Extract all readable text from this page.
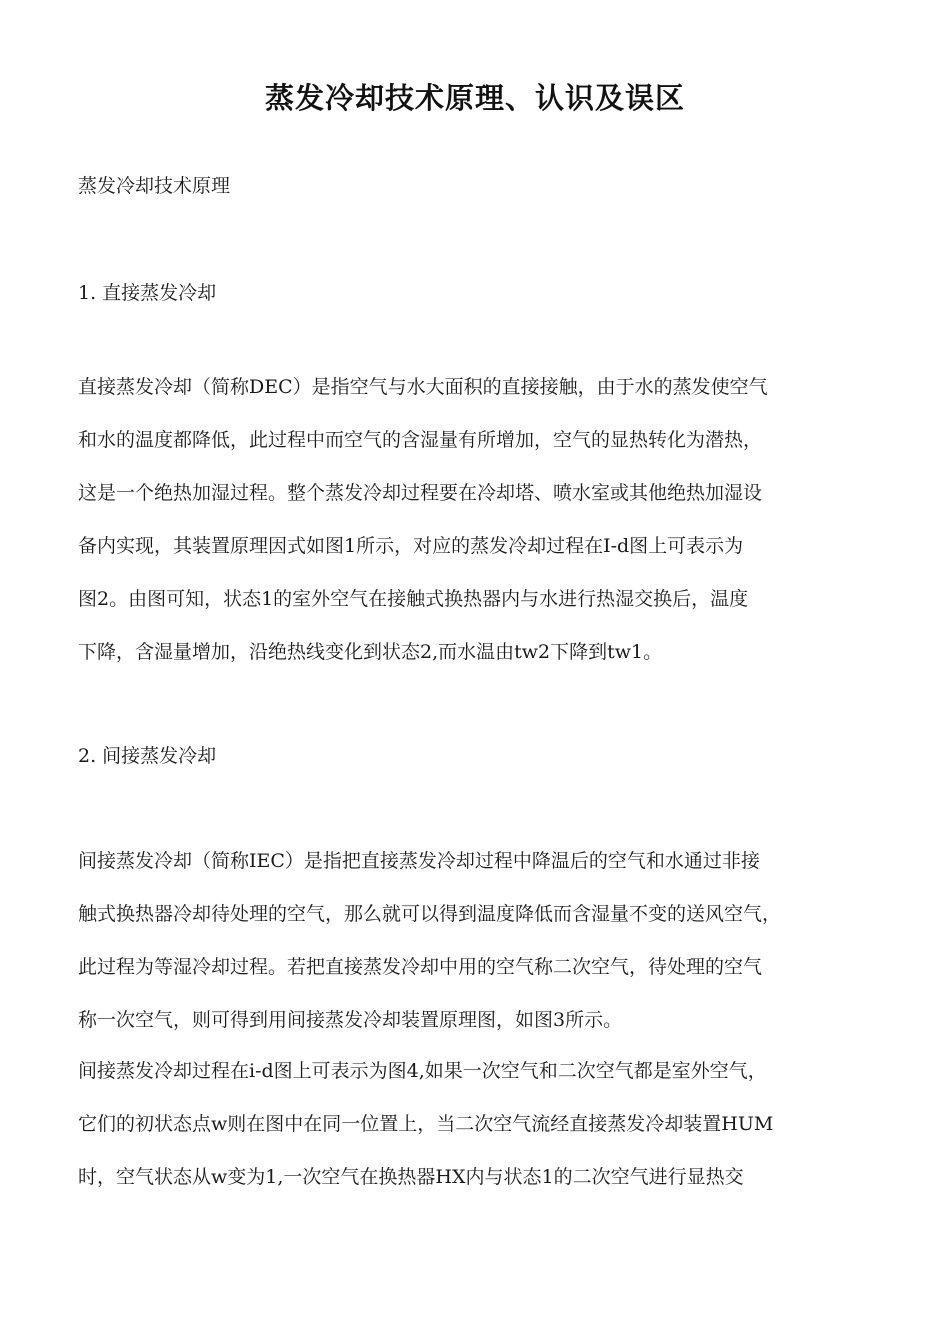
蒸发冷却技术原理、认识及误区
蒸发冷却技术原理
1. 直接蒸发冷却
直接蒸发冷却（简称DEC）是指空气与水大面积的直接接触，由于水的蒸发使空气
和水的温度都降低，此过程中而空气的含湿量有所增加，空气的显热转化为潜热，
这是一个绝热加湿过程。整个蒸发冷却过程要在冷却塔、喷水室或其他绝热加湿设
备内实现，其装置原理因式如图1所示，对应的蒸发冷却过程在I-d图上可表示为
图2。由图可知，状态1的室外空气在接触式换热器内与水进行热湿交换后，温度
下降，含湿量增加，沿绝热线变化到状态2,而水温由tw2下降到tw1。
2. 间接蒸发冷却
间接蒸发冷却（简称IEC）是指把直接蒸发冷却过程中降温后的空气和水通过非接
触式换热器冷却待处理的空气，那么就可以得到温度降低而含湿量不变的送风空气，
此过程为等湿冷却过程。若把直接蒸发冷却中用的空气称二次空气，待处理的空气
称一次空气，则可得到用间接蒸发冷却装置原理图，如图3所示。
间接蒸发冷却过程在i-d图上可表示为图4,如果一次空气和二次空气都是室外空气，
它们的初状态点w则在图中在同一位置上，当二次空气流经直接蒸发冷却装置HUM
时，空气状态从w变为1,一次空气在换热器HX内与状态1的二次空气进行显热交
